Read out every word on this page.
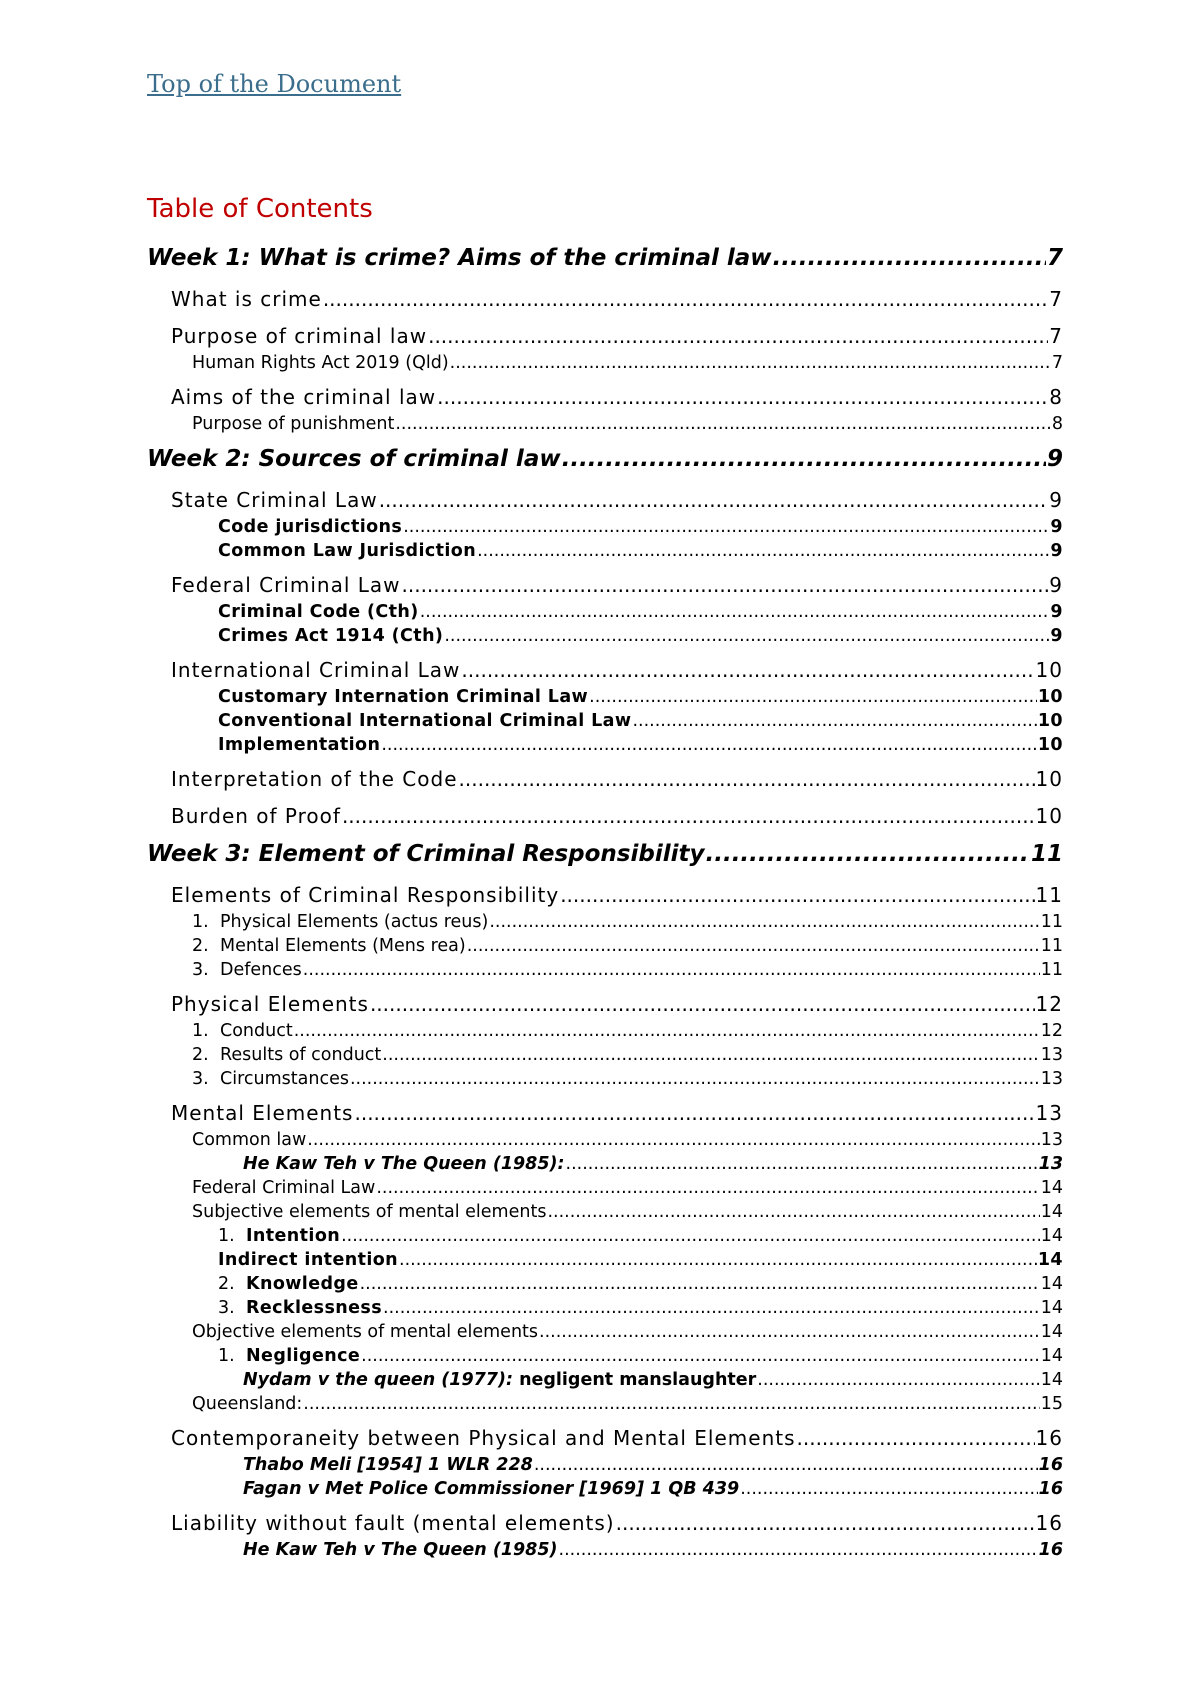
Top of the Document
Table of Contents
Week 1: What is crime? Aims of the criminal law .....	7
What is crime .....	7
Purpose of criminal law .....	7
Human Rights Act 2019 (Qld) .....	7
Aims of the criminal law .....	8
Purpose of punishment .....	8
Week 2: Sources of criminal law .....	9
State Criminal Law .....	9
Code jurisdictions .....	9
Common Law Jurisdiction .....	9
Federal Criminal Law .....	9
Criminal Code (Cth) .....	9
Crimes Act 1914 (Cth) .....	9
International Criminal Law .....	10
Customary Internation Criminal Law .....	10
Conventional International Criminal Law .....	10
Implementation .....	10
Interpretation of the Code .....	10
Burden of Proof .....	10
Week 3: Element of Criminal Responsibility .....	11
Elements of Criminal Responsibility .....	11
1. Physical Elements (actus reus) .....	11
2. Mental Elements (Mens rea) .....	11
3. Defences .....	11
Physical Elements .....	12
1. Conduct .....	12
2. Results of conduct .....	13
3. Circumstances .....	13
Mental Elements .....	13
Common law .....	13
He Kaw Teh v The Queen (1985): .....	13
Federal Criminal Law .....	14
Subjective elements of mental elements .....	14
1. Intention .....	14
Indirect intention .....	14
2. Knowledge .....	14
3. Recklessness .....	14
Objective elements of mental elements .....	14
1. Negligence .....	14
Nydam v the queen (1977): negligent manslaughter .....	14
Queensland: .....	15
Contemporaneity between Physical and Mental Elements .....	16
Thabo Meli [1954] 1 WLR 228 .....	16
Fagan v Met Police Commissioner [1969] 1 QB 439 .....	16
Liability without fault (mental elements) .....	16
He Kaw Teh v The Queen (1985) .....	16
